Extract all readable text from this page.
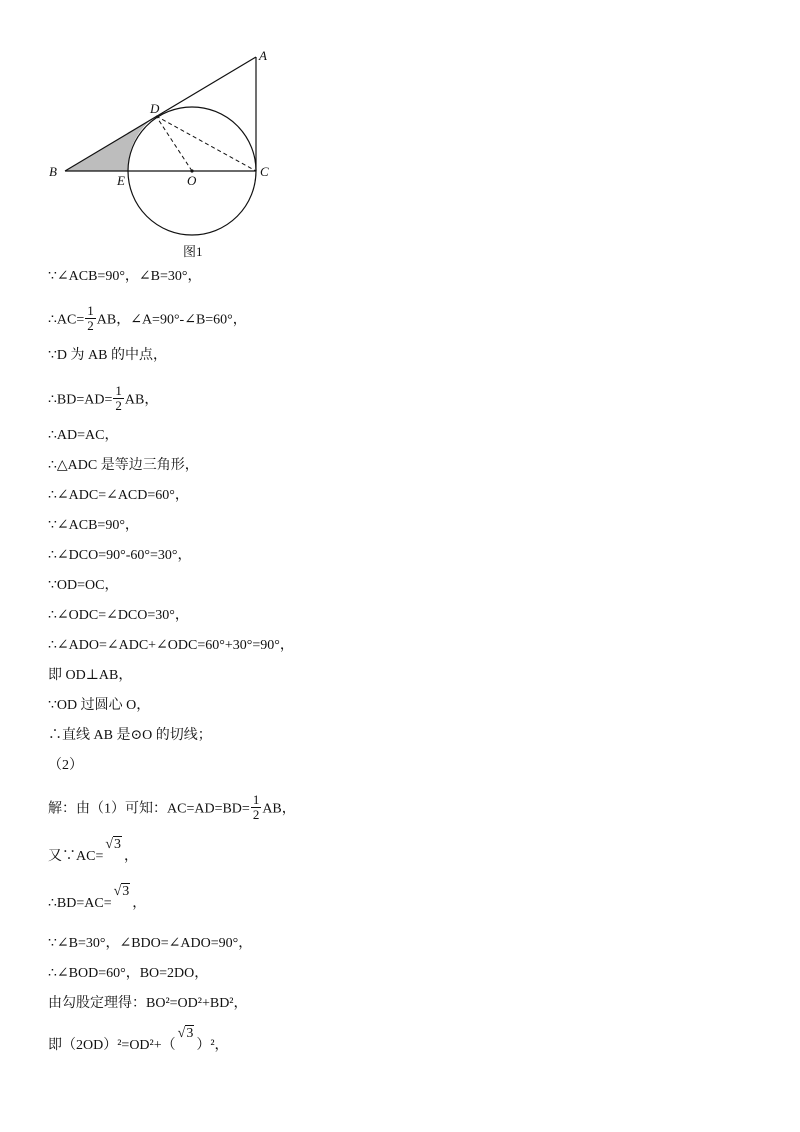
A
B	C
D
E	O
图1
∵∠ACB=90°，∠B=30°，
∴AC= $\frac{1}{2}$ AB，∠A=90°-∠B=60°，
∵D 为 AB 的中点，
∴BD=AD= $\frac{1}{2}$ AB，
∴AD=AC，
∴△ADC 是等边三角形，
∴∠ADC=∠ACD=60°，
∵∠ACB=90°，
∴∠DCO=90°-60°=30°，
∵OD=OC，
∴∠ODC=∠DCO=30°，
∴∠ADO=∠ADC+∠ODC=60°+30°=90°，
即 OD⊥AB，
∵OD 过圆心 O，
∴直线 AB 是⊙O 的切线；
（2）
解：由（1）可知：$AC=AD=BD= \frac{1}{2}$ AB，
又∵AC=√3，
∴BD=AC=√3，
∵∠B=30°，∠BDO=∠ADO=90°，
∴∠BOD=60°，BO=2DO，
由勾股定理得：BO²=OD²+BD²，
即（2OD）²=OD²+（√3）²，
